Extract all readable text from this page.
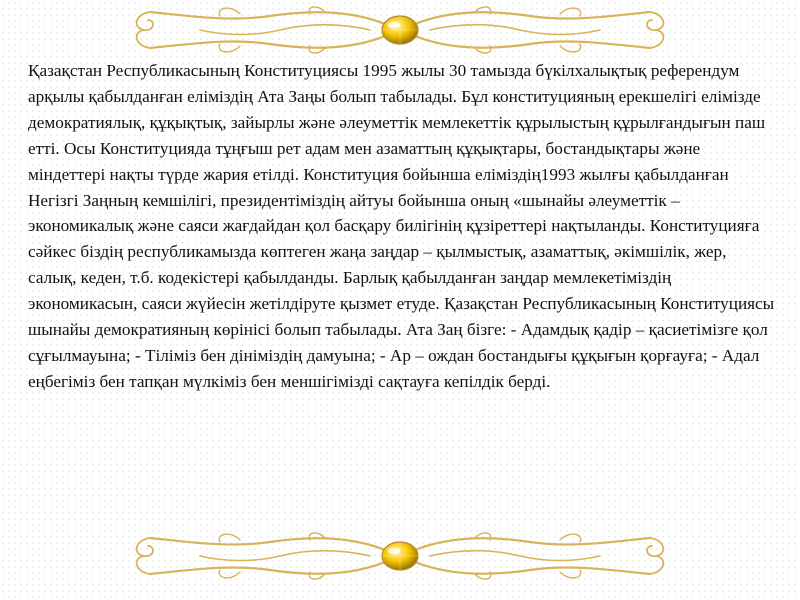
Қазақстан Республикасының Конституциясы 1995 жылы 30 тамызда бүкілхалықтық референдум арқылы қабылданған еліміздің Ата Заңы болып табылады. Бұл конституцияның ерекшелігі елімізде демократиялық, құқықтық, зайырлы және әлеуметтік мемлекеттік құрылыстың құрылғандығын паш етті. Осы Конституцияда тұңғыш рет адам мен азаматтың құқықтары, бостандықтары және міндеттері нақты түрде жария етілді. Конституция бойынша еліміздің1993 жылғы қабылданған Негізгі Заңның кемшілігі, президентіміздің айтуы бойынша оның «шынайы әлеуметтік – экономикалық және саяси жағдайдан қол басқару билігінің құзіреттері нақтыланды. Конституцияға сәйкес біздің республикамызда көптеген жаңа заңдар – қылмыстық, азаматтық, әкімшілік, жер, салық, кеден, т.б. кодекістері қабылданды. Барлық қабылданған заңдар мемлекетіміздің экономикасын, саяси жүйесін жетілдіруте қызмет етуде. Қазақстан Республикасының Конституциясы шынайы демократияның көрінісі болып табылады. Ата Заң бізге: - Адамдық қадір – қасиетімізге қол сұғылмауына; - Тіліміз бен дініміздің дамуына; - Ар – ождан бостандығы құқығын қорғауға; - Адал еңбегіміз бен тапқан мүлкіміз бен меншігімізді сақтауға кепілдік берді.
